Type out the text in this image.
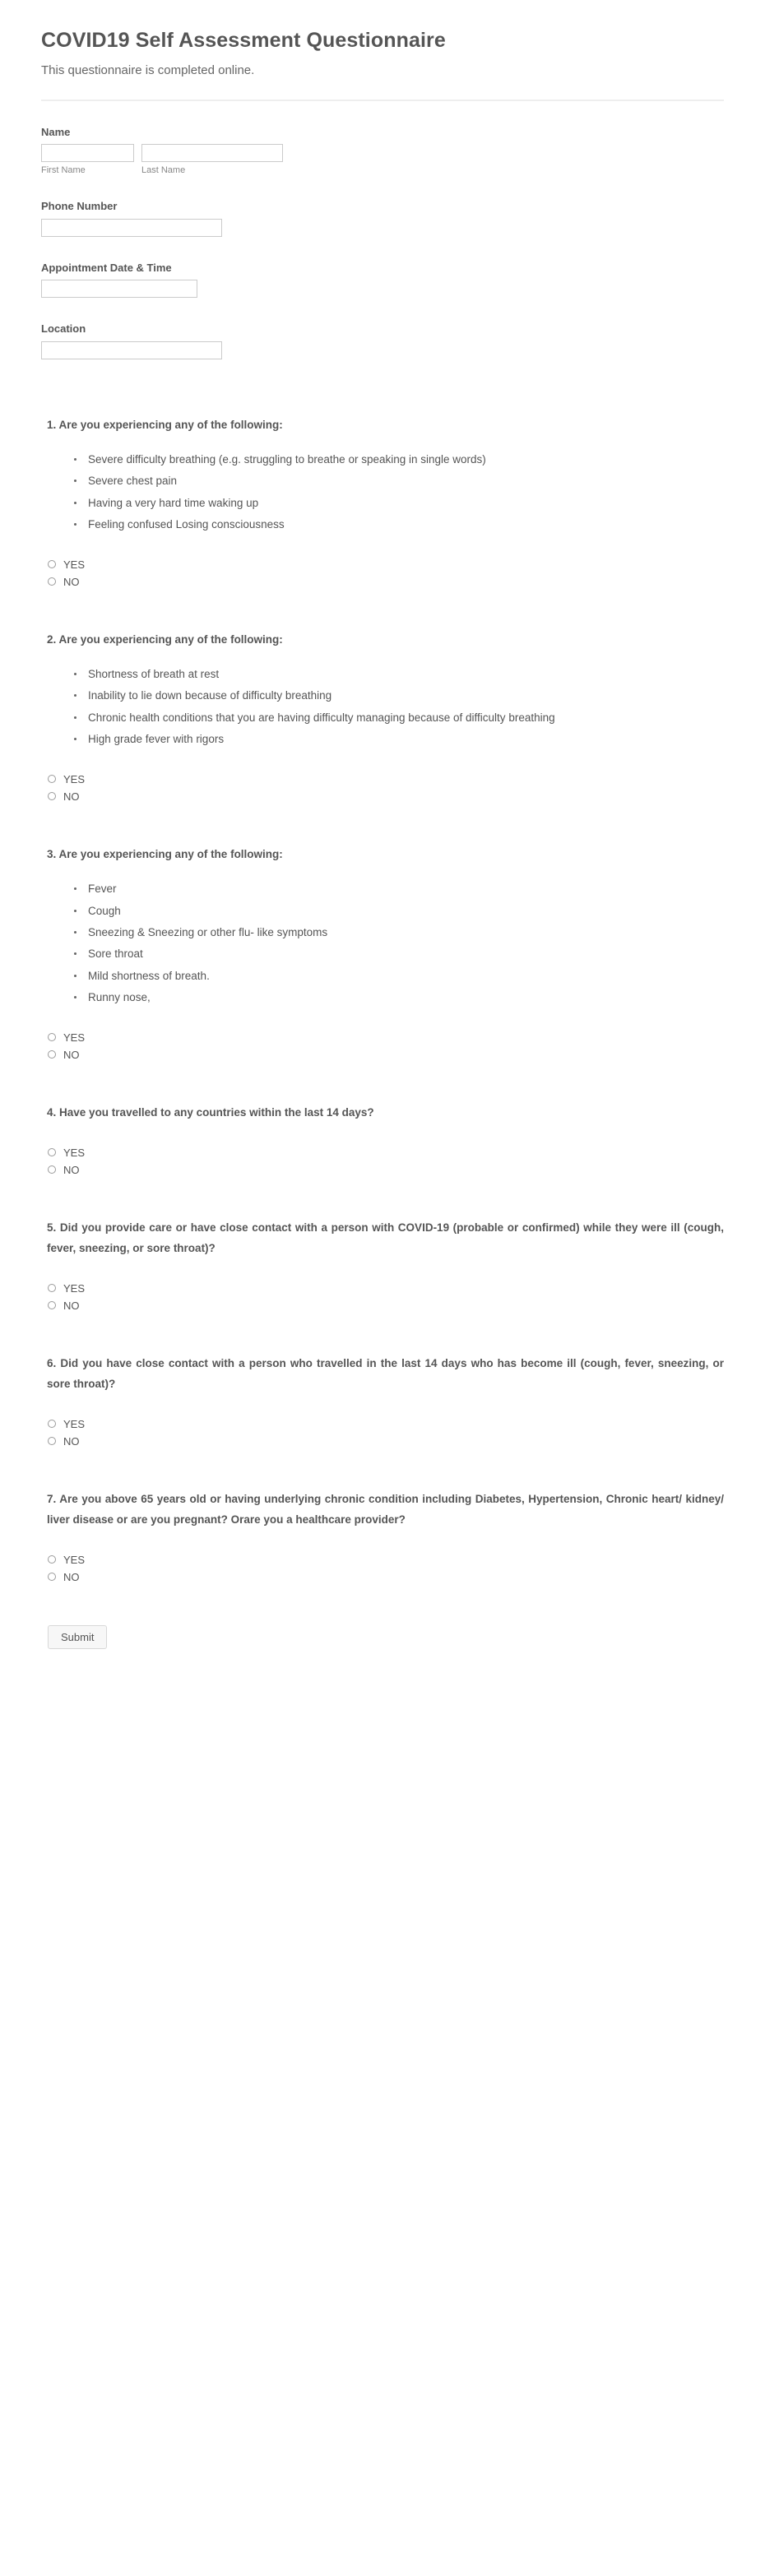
COVID19 Self Assessment Questionnaire

This questionnaire is completed online.

Name
First Name	Last Name
Phone Number
Appointment Date & Time
Location
1. Are you experiencing any of the following:
Severe difficulty breathing (e.g. struggling to breathe or speaking in single words)
Severe chest pain
Having a very hard time waking up
Feeling confused Losing consciousness
YES
NO
2. Are you experiencing any of the following:
Shortness of breath at rest
Inability to lie down because of difficulty breathing
Chronic health conditions that you are having difficulty managing because of difficulty breathing
High grade fever with rigors
YES
NO
3. Are you experiencing any of the following:
Fever
Cough
Sneezing & Sneezing or other flu- like symptoms
Sore throat
Mild shortness of breath.
Runny nose,
YES
NO
4. Have you travelled to any countries within the last 14 days?
YES
NO
5. Did you provide care or have close contact with a person with COVID-19 (probable or confirmed) while they were ill (cough, fever, sneezing, or sore throat)?
YES
NO
6. Did you have close contact with a person who travelled in the last 14 days who has become ill (cough, fever, sneezing, or sore throat)?
YES
NO
7. Are you above 65 years old or having underlying chronic condition including Diabetes, Hypertension, Chronic heart/ kidney/ liver disease or are you pregnant? Orare you a healthcare provider?
YES
NO
Submit
